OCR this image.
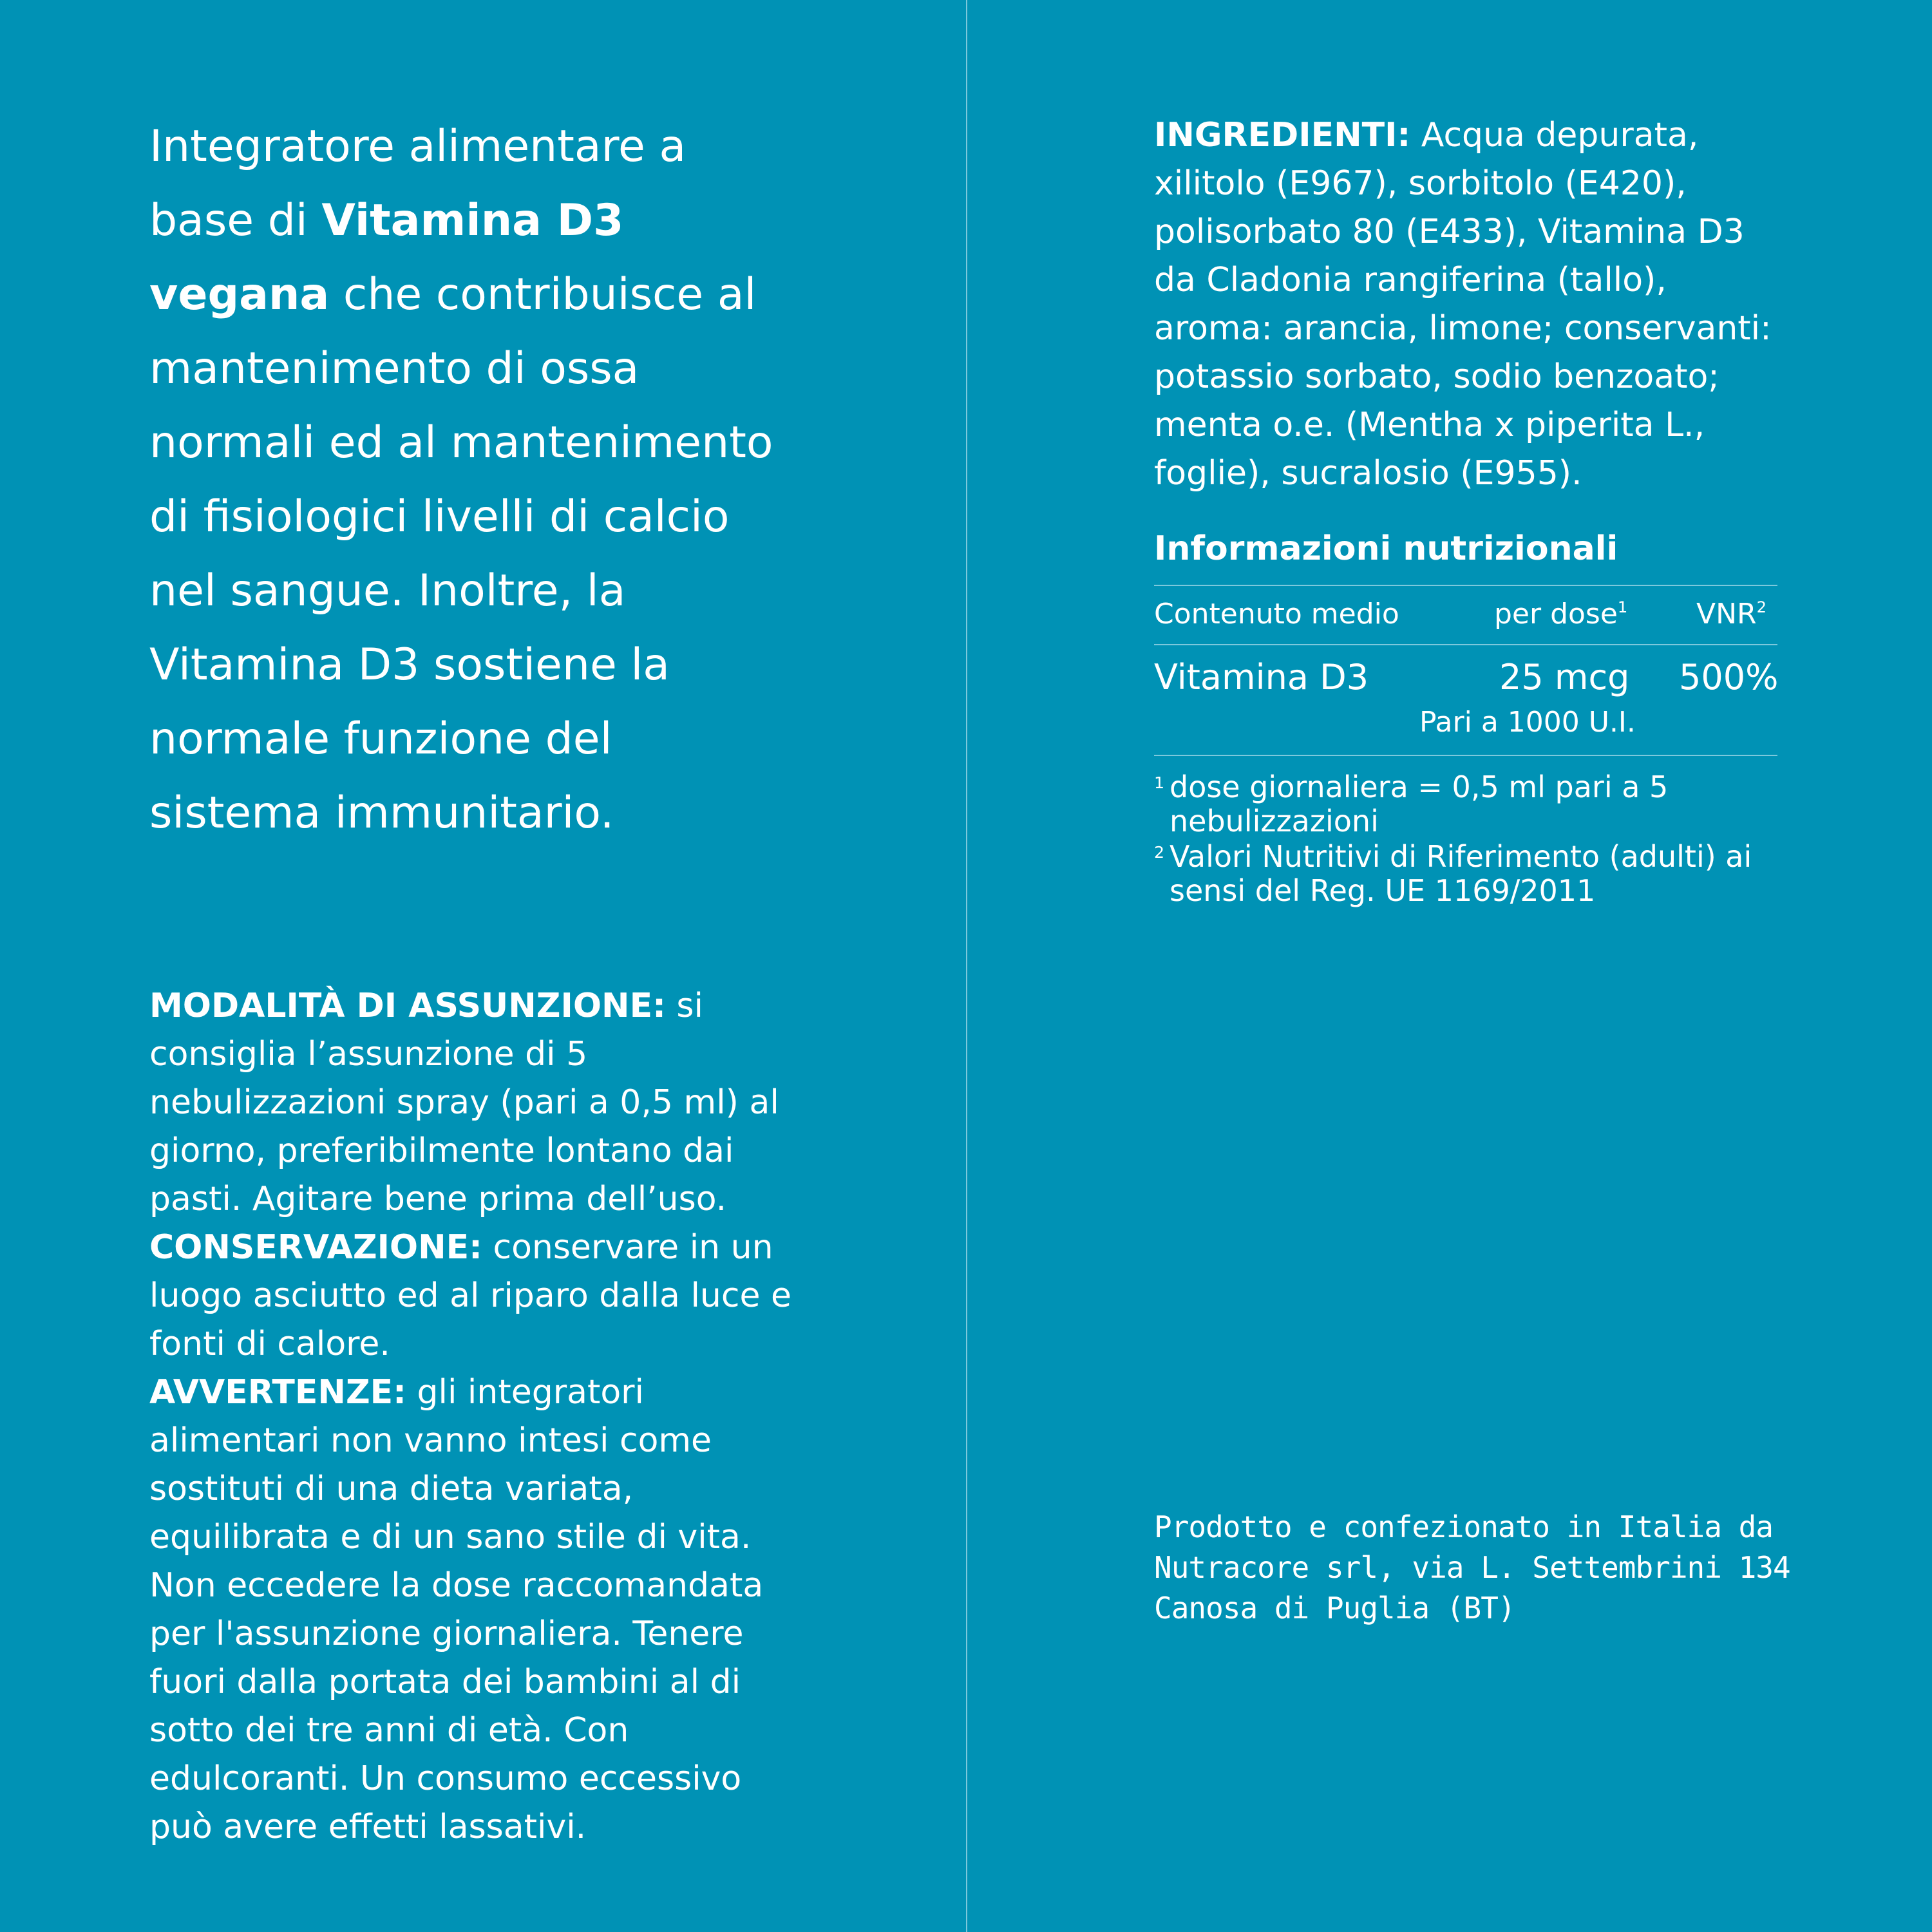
Integratore alimentare a base di Vitamina D3 vegana che contribuisce al mantenimento di ossa normali ed al mantenimento di fisiologici livelli di calcio nel sangue. Inoltre, la Vitamina D3 sostiene la normale funzione del sistema immunitario.

MODALITÀ DI ASSUNZIONE: si consiglia l’assunzione di 5 nebulizzazioni spray (pari a 0,5 ml) al giorno, preferibilmente lontano dai pasti. Agitare bene prima dell’uso.

CONSERVAZIONE: conservare in un luogo asciutto ed al riparo dalla luce e fonti di calore.

AVVERTENZE: gli integratori alimentari non vanno intesi come sostituti di una dieta variata, equilibrata e di un sano stile di vita. Non eccedere la dose raccomandata per l'assunzione giornaliera. Tenere fuori dalla portata dei bambini al di sotto dei tre anni di età. Con edulcoranti. Un consumo eccessivo può avere effetti lassativi.

INGREDIENTI: Acqua depurata, xilitolo (E967), sorbitolo (E420), polisorbato 80 (E433), Vitamina D3 da Cladonia rangiferina (tallo), aroma: arancia, limone; conservanti: potassio sorbato, sodio benzoato; menta o.e. (Mentha x piperita L., foglie), sucralosio (E955).

Informazioni nutrizionali
Contenuto medio	per dose$^1$ VNR$^2$
Vitamina D3	25 mcg 500%
Pari a 1000 U.I.
1 dose giornaliera = 0,5 ml pari a 5 nebulizzazioni
2 Valori Nutritivi di Riferimento (adulti) ai sensi del Reg. UE 1169/2011
Prodotto e confezionato in Italia da
Nutracore srl, via L. Settembrini 134
Canosa di Puglia (BT)
